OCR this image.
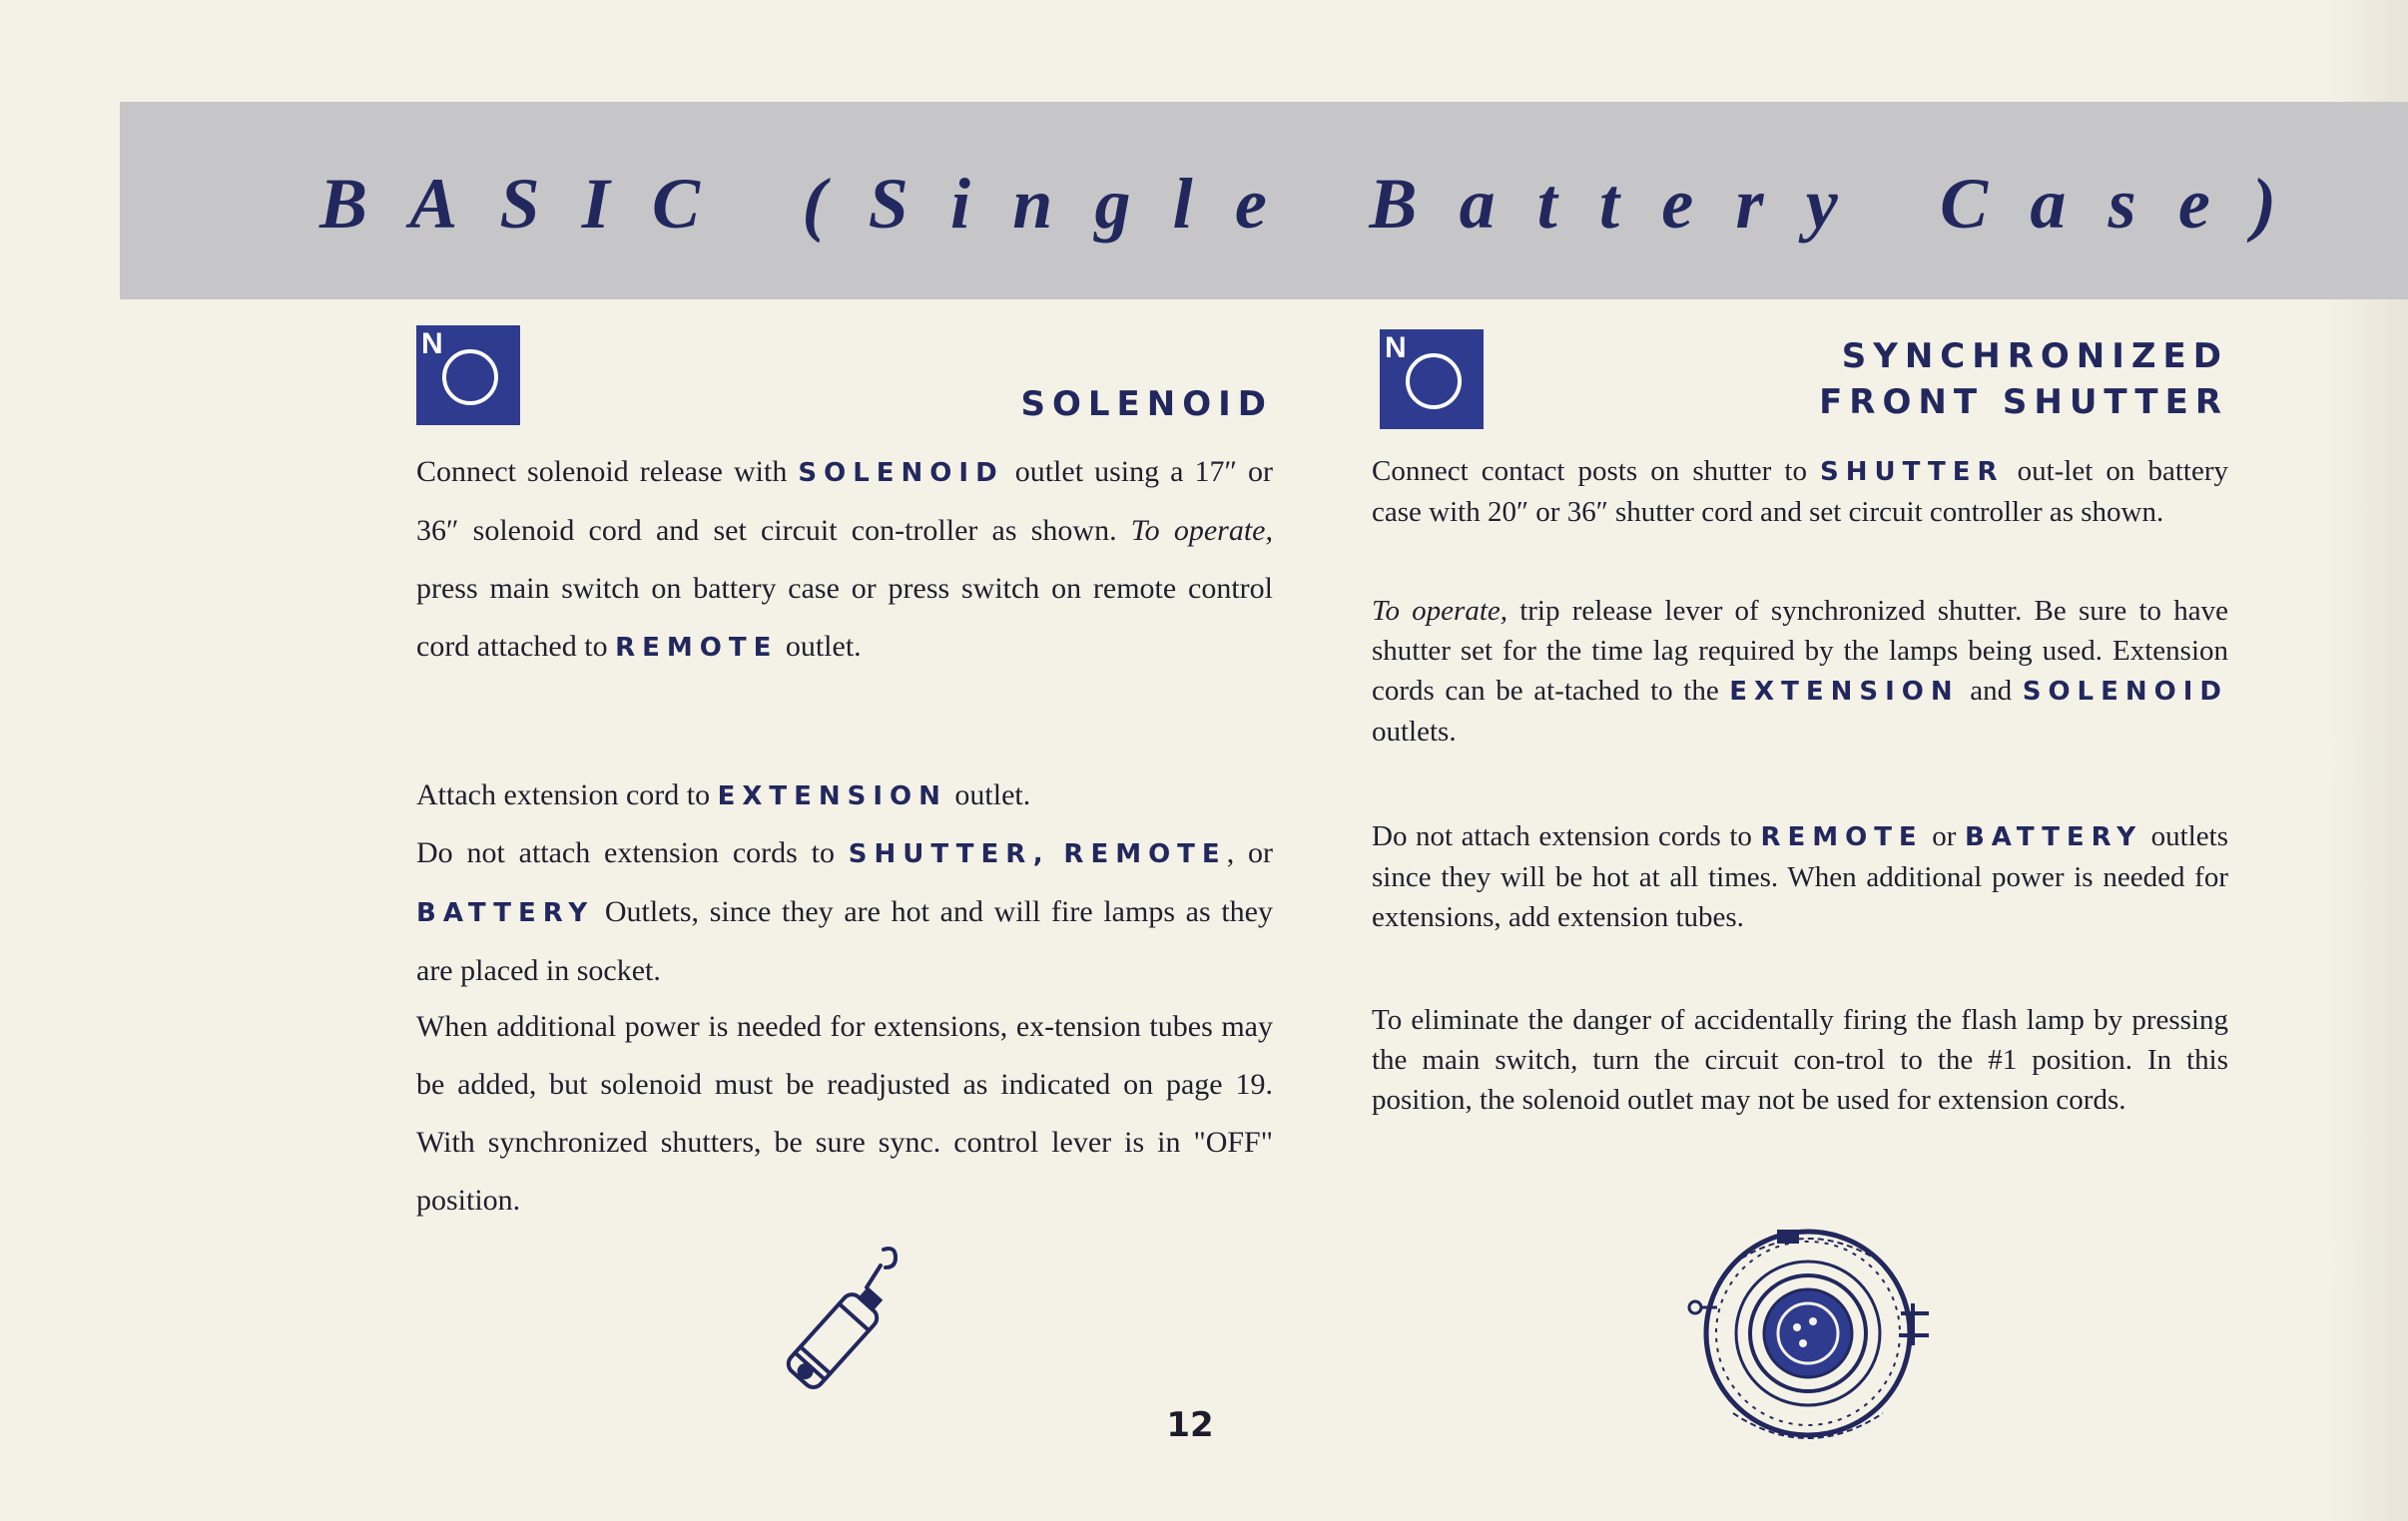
BASIC (Single Battery Case)
N
SOLENOID

Connect solenoid release with SOLENOID outlet using a 17″ or 36″ solenoid cord and set circuit con-troller as shown. To operate, press main switch on battery case or press switch on remote control cord attached to REMOTE outlet.

Attach extension cord to EXTENSION outlet.

Do not attach extension cords to SHUTTER, REMOTE, or BATTERY Outlets, since they are hot and will fire lamps as they are placed in socket.

When additional power is needed for extensions, ex-tension tubes may be added, but solenoid must be readjusted as indicated on page 19. With synchronized shutters, be sure sync. control lever is in "OFF" position.

N	SYNCHRONIZED
FRONT SHUTTER

Connect contact posts on shutter to SHUTTER out-let on battery case with 20″ or 36″ shutter cord and set circuit controller as shown.

To operate, trip release lever of synchronized shutter. Be sure to have shutter set for the time lag required by the lamps being used. Extension cords can be at-tached to the EXTENSION and SOLENOID outlets.

Do not attach extension cords to REMOTE or BATTERY outlets since they will be hot at all times. When additional power is needed for extensions, add extension tubes.

To eliminate the danger of accidentally firing the flash lamp by pressing the main switch, turn the circuit con-trol to the #1 position. In this position, the solenoid outlet may not be used for extension cords.

12
